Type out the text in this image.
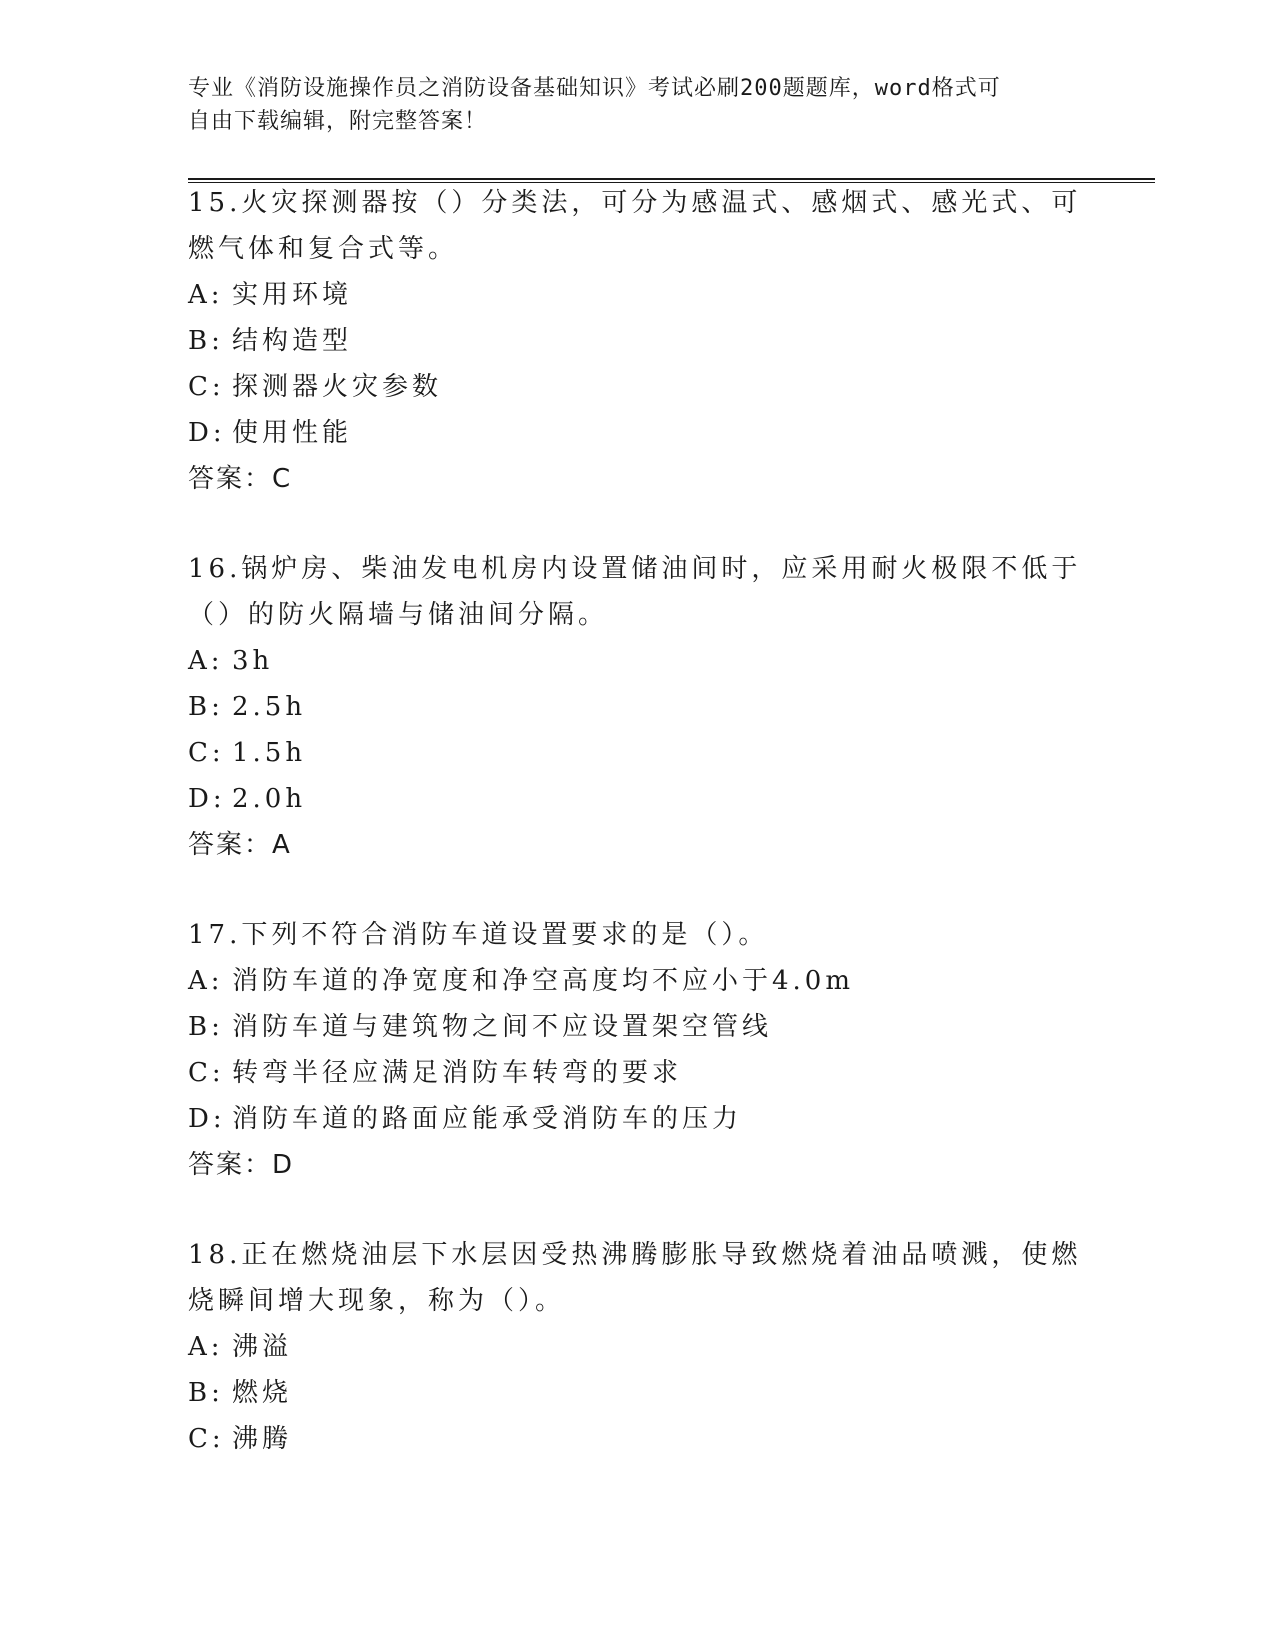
专业《消防设施操作员之消防设备基础知识》考试必刷200题题库，word格式可
自由下载编辑，附完整答案！

15.火灾探测器按（）分类法，可分为感温式、感烟式、感光式、可燃气体和复合式等。

A: 实用环境

B: 结构造型

C: 探测器火灾参数

D: 使用性能

答案：C

16.锅炉房、柴油发电机房内设置储油间时，应采用耐火极限不低于（）的防火隔墙与储油间分隔。

A: 3h

B: 2.5h

C: 1.5h

D: 2.0h

答案：A

17.下列不符合消防车道设置要求的是（）。

A: 消防车道的净宽度和净空高度均不应小于4.0m

B: 消防车道与建筑物之间不应设置架空管线

C: 转弯半径应满足消防车转弯的要求

D: 消防车道的路面应能承受消防车的压力

答案：D

18.正在燃烧油层下水层因受热沸腾膨胀导致燃烧着油品喷溅，使燃烧瞬间增大现象，称为（）。

A: 沸溢

B: 燃烧

C: 沸腾
